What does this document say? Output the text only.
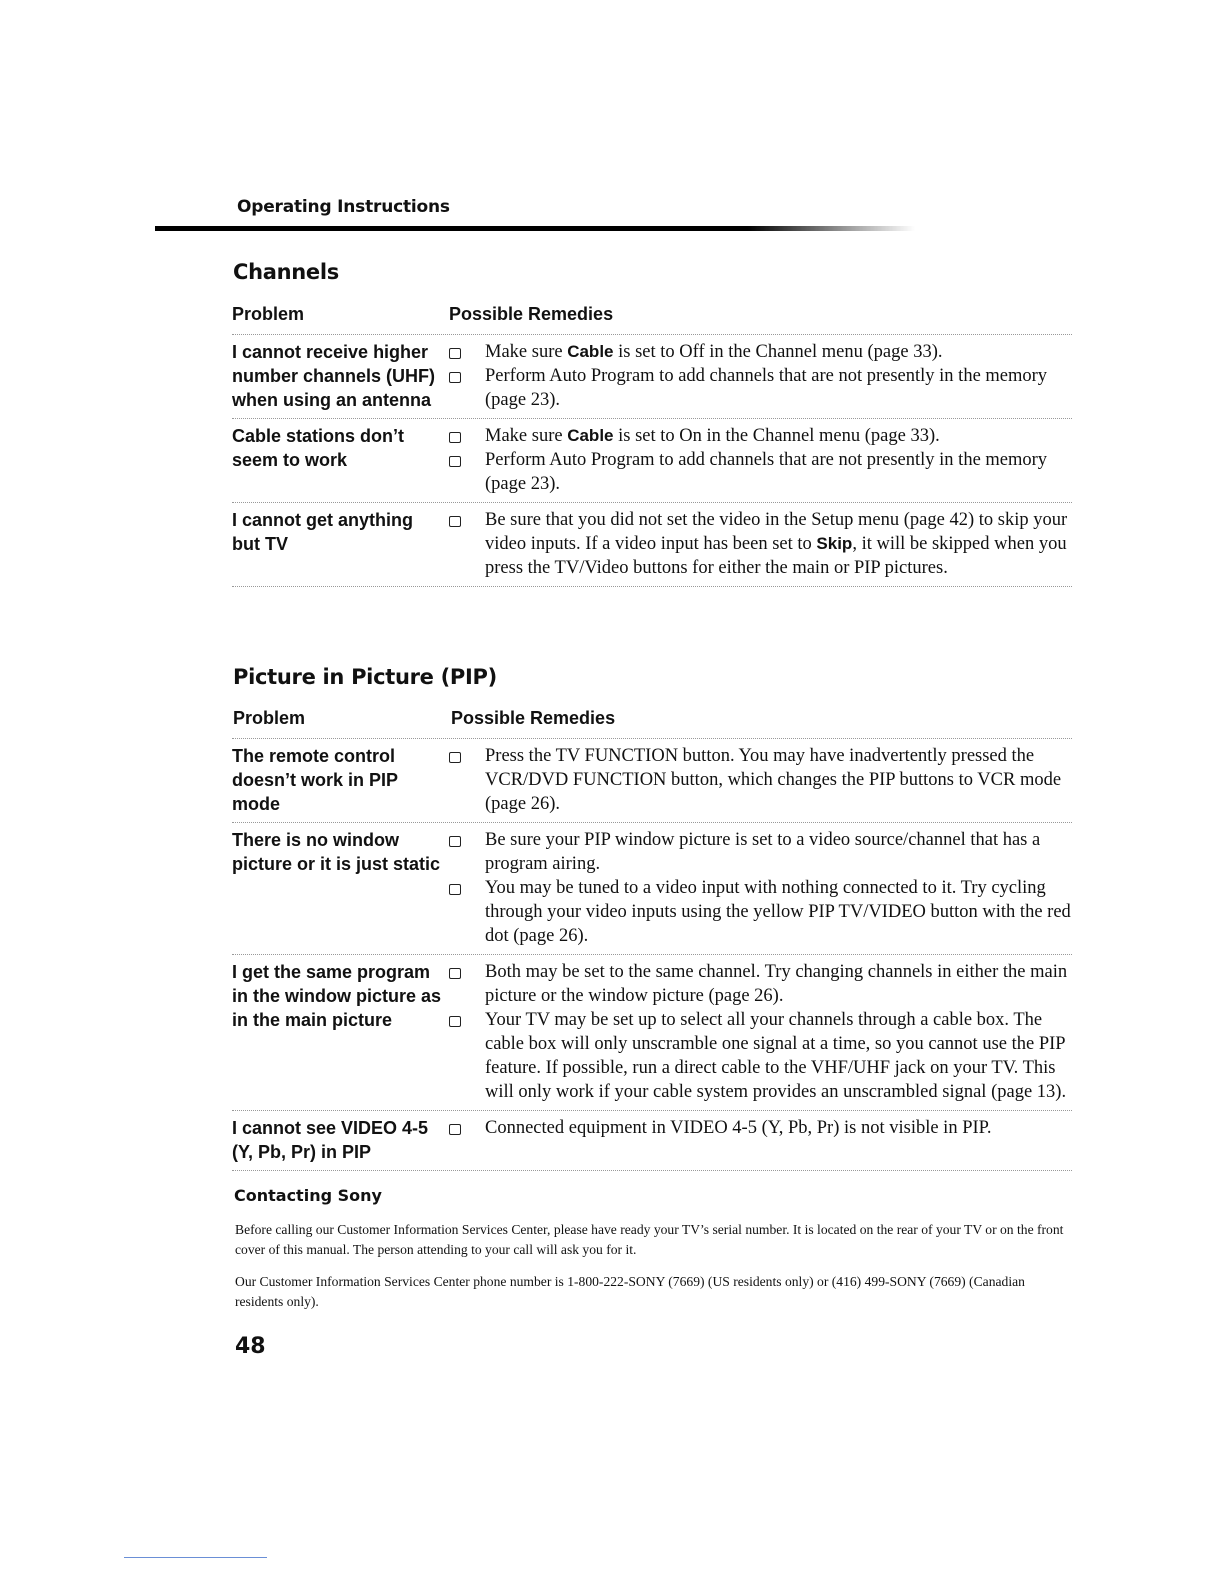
Operating Instructions
Channels
Problem	Possible Remedies
I cannot receive higher number channels (UHF) when using an antenna
Make sure Cable is set to Off in the Channel menu (page 33).
Perform Auto Program to add channels that are not presently in the memory (page 23).
Cable stations don’t seem to work
Make sure Cable is set to On in the Channel menu (page 33).
Perform Auto Program to add channels that are not presently in the memory (page 23).
I cannot get anything but TV
Be sure that you did not set the video in the Setup menu (page 42) to skip your video inputs. If a video input has been set to Skip, it will be skipped when you press the TV/Video buttons for either the main or PIP pictures.
Picture in Picture (PIP)
Problem	Possible Remedies
The remote control doesn’t work in PIP mode
Press the TV FUNCTION button. You may have inadvertently pressed the VCR/DVD FUNCTION button, which changes the PIP buttons to VCR mode (page 26).
There is no window picture or it is just static
Be sure your PIP window picture is set to a video source/channel that has a program airing.
You may be tuned to a video input with nothing connected to it. Try cycling through your video inputs using the yellow PIP TV/VIDEO button with the red dot (page 26).
I get the same program in the window picture as in the main picture
Both may be set to the same channel. Try changing channels in either the main picture or the window picture (page 26).
Your TV may be set up to select all your channels through a cable box. The cable box will only unscramble one signal at a time, so you cannot use the PIP feature. If possible, run a direct cable to the VHF/UHF jack on your TV. This will only work if your cable system provides an unscrambled signal (page 13).
I cannot see VIDEO 4-5 (Y, Pb, Pr) in PIP
Connected equipment in VIDEO 4-5 (Y, Pb, Pr) is not visible in PIP.
Contacting Sony
Before calling our Customer Information Services Center, please have ready your TV’s serial number. It is located on the rear of your TV or on the front cover of this manual. The person attending to your call will ask you for it.
Our Customer Information Services Center phone number is 1-800-222-SONY (7669) (US residents only) or (416) 499-SONY (7669) (Canadian residents only).
48
